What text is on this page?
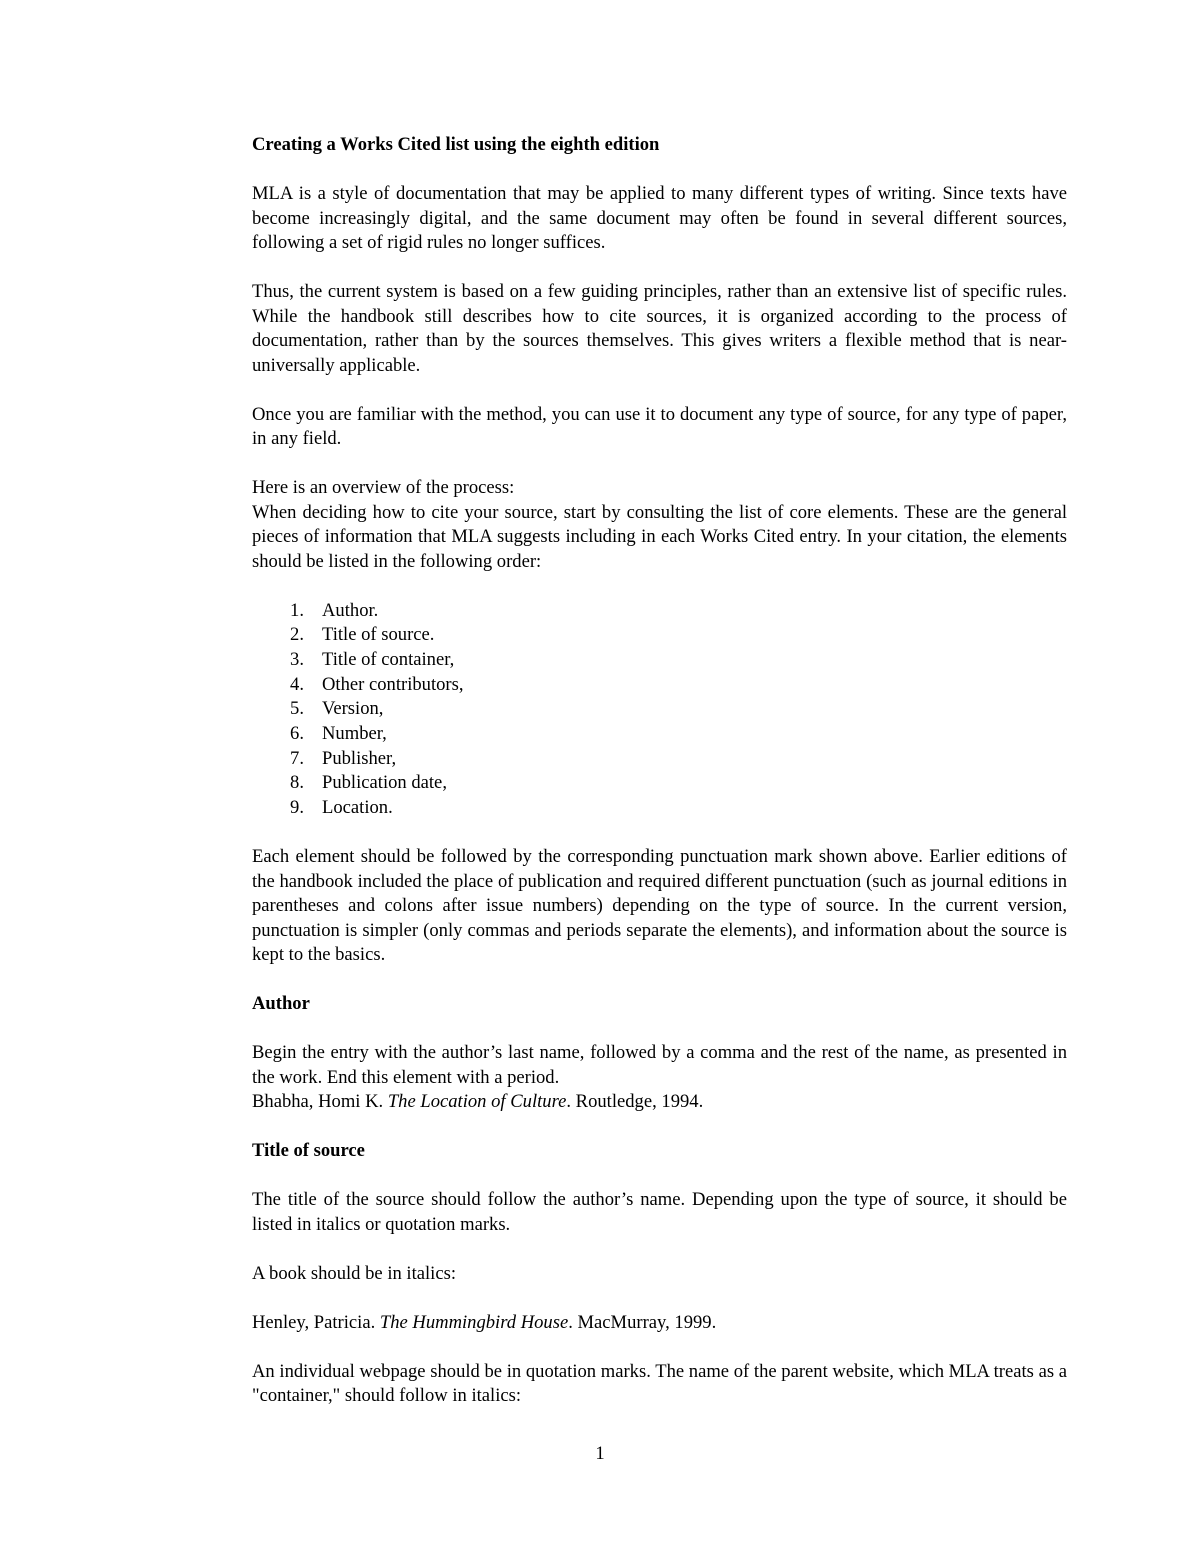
Creating a Works Cited list using the eighth edition

MLA is a style of documentation that may be applied to many different types of writing. Since texts have become increasingly digital, and the same document may often be found in several different sources, following a set of rigid rules no longer suffices.

Thus, the current system is based on a few guiding principles, rather than an extensive list of specific rules. While the handbook still describes how to cite sources, it is organized according to the process of documentation, rather than by the sources themselves. This gives writers a flexible method that is near-universally applicable.

Once you are familiar with the method, you can use it to document any type of source, for any type of paper, in any field.

Here is an overview of the process:

When deciding how to cite your source, start by consulting the list of core elements. These are the general pieces of information that MLA suggests including in each Works Cited entry. In your citation, the elements should be listed in the following order:

1. Author.
2. Title of source.
3. Title of container,
4. Other contributors,
5. Version,
6. Number,
7. Publisher,
8. Publication date,
9. Location.

Each element should be followed by the corresponding punctuation mark shown above. Earlier editions of the handbook included the place of publication and required different punctuation (such as journal editions in parentheses and colons after issue numbers) depending on the type of source. In the current version, punctuation is simpler (only commas and periods separate the elements), and information about the source is kept to the basics.

Author

Begin the entry with the author’s last name, followed by a comma and the rest of the name, as presented in the work. End this element with a period.

Bhabha, Homi K. The Location of Culture. Routledge, 1994.

Title of source

The title of the source should follow the author’s name. Depending upon the type of source, it should be listed in italics or quotation marks.

A book should be in italics:

Henley, Patricia. The Hummingbird House. MacMurray, 1999.

An individual webpage should be in quotation marks. The name of the parent website, which MLA treats as a "container," should follow in italics:

1
